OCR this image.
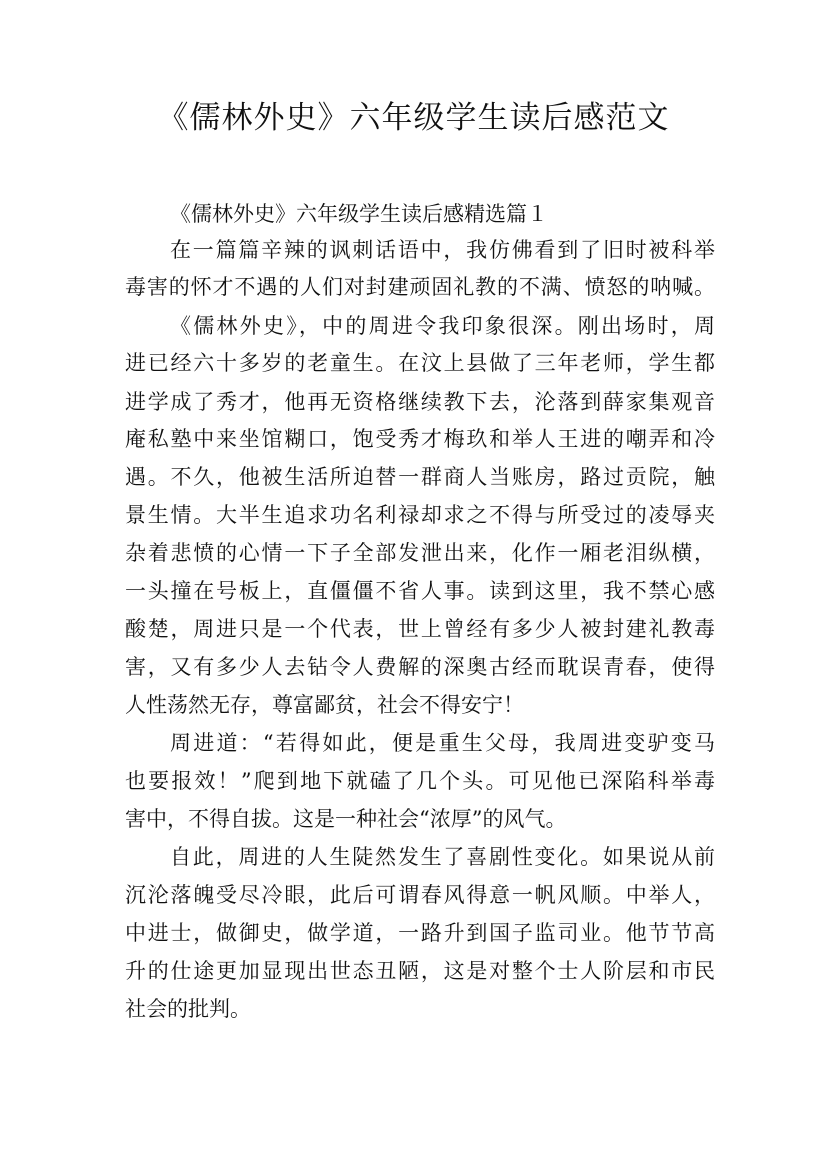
《儒林外史》六年级学生读后感范文

《儒林外史》六年级学生读后感精选篇１

在一篇篇辛辣的讽刺话语中，我仿佛看到了旧时被科举

毒害的怀才不遇的人们对封建顽固礼教的不满、愤怒的呐喊。

《儒林外史》，中的周进令我印象很深。刚出场时，周

进已经六十多岁的老童生。在汶上县做了三年老师，学生都

进学成了秀才，他再无资格继续教下去，沦落到薛家集观音

庵私塾中来坐馆糊口，饱受秀才梅玖和举人王进的嘲弄和冷

遇。不久，他被生活所迫替一群商人当账房，路过贡院，触

景生情。大半生追求功名利禄却求之不得与所受过的凌辱夹

杂着悲愤的心情一下子全部发泄出来，化作一厢老泪纵横，

一头撞在号板上，直僵僵不省人事。读到这里，我不禁心感

酸楚，周进只是一个代表，世上曾经有多少人被封建礼教毒

害，又有多少人去钻令人费解的深奥古经而耽误青春，使得

人性荡然无存，尊富鄙贫，社会不得安宁！

周进道：“若得如此，便是重生父母，我周进变驴变马

也要报效！”爬到地下就磕了几个头。可见他已深陷科举毒

害中，不得自拔。这是一种社会“浓厚”的风气。

自此，周进的人生陡然发生了喜剧性变化。如果说从前

沉沦落魄受尽冷眼，此后可谓春风得意一帆风顺。中举人，

中进士，做御史，做学道，一路升到国子监司业。他节节高

升的仕途更加显现出世态丑陋，这是对整个士人阶层和市民

社会的批判。
